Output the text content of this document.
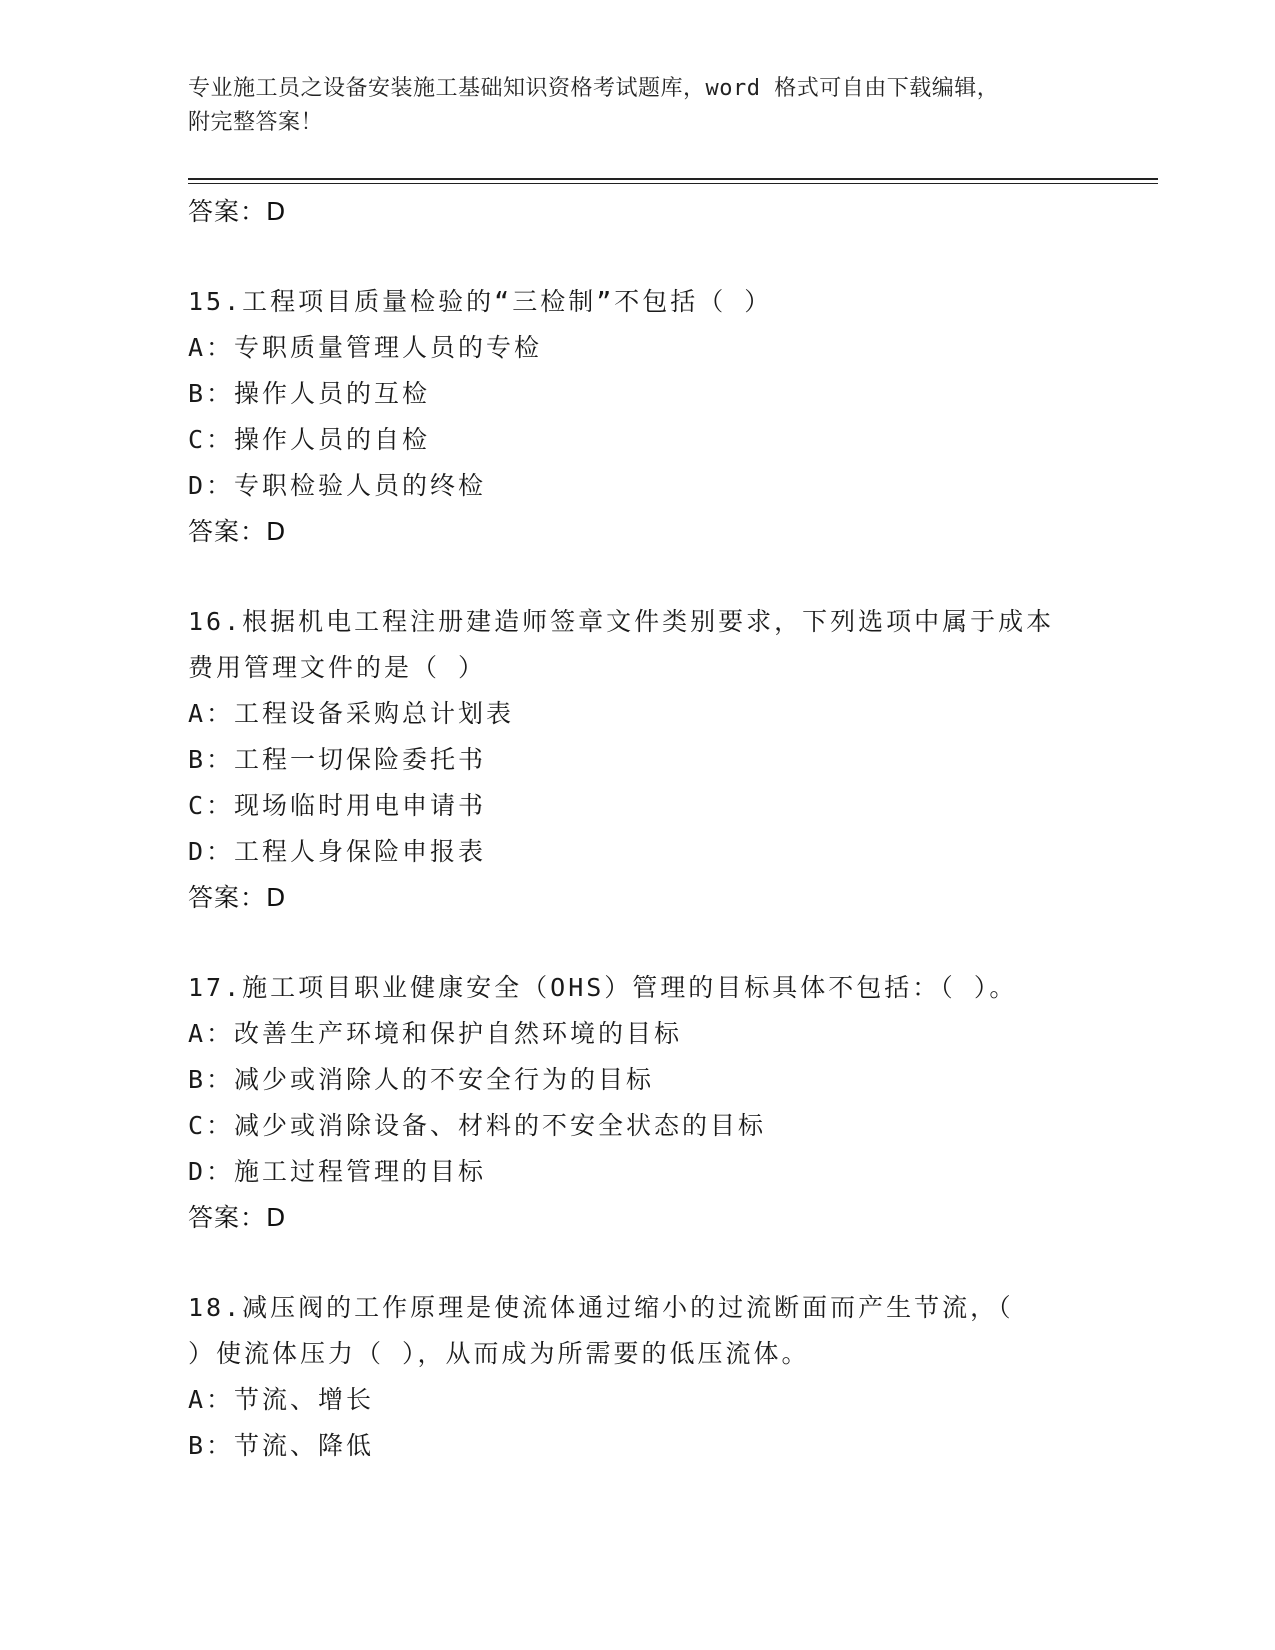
专业施工员之设备安装施工基础知识资格考试题库，word 格式可自由下载编辑，
附完整答案！

答案：D

15.工程项目质量检验的“三检制”不包括（ ）

A：专职质量管理人员的专检

B：操作人员的互检

C：操作人员的自检

D：专职检验人员的终检

答案：D

16.根据机电工程注册建造师签章文件类别要求，下列选项中属于成本

费用管理文件的是（ ）

A：工程设备采购总计划表

B：工程一切保险委托书

C：现场临时用电申请书

D：工程人身保险申报表

答案：D

17.施工项目职业健康安全（OHS）管理的目标具体不包括：（ ）。

A：改善生产环境和保护自然环境的目标

B：减少或消除人的不安全行为的目标

C：减少或消除设备、材料的不安全状态的目标

D：施工过程管理的目标

答案：D

18.减压阀的工作原理是使流体通过缩小的过流断面而产生节流，（

）使流体压力（ ），从而成为所需要的低压流体。

A：节流、增长

B：节流、降低
